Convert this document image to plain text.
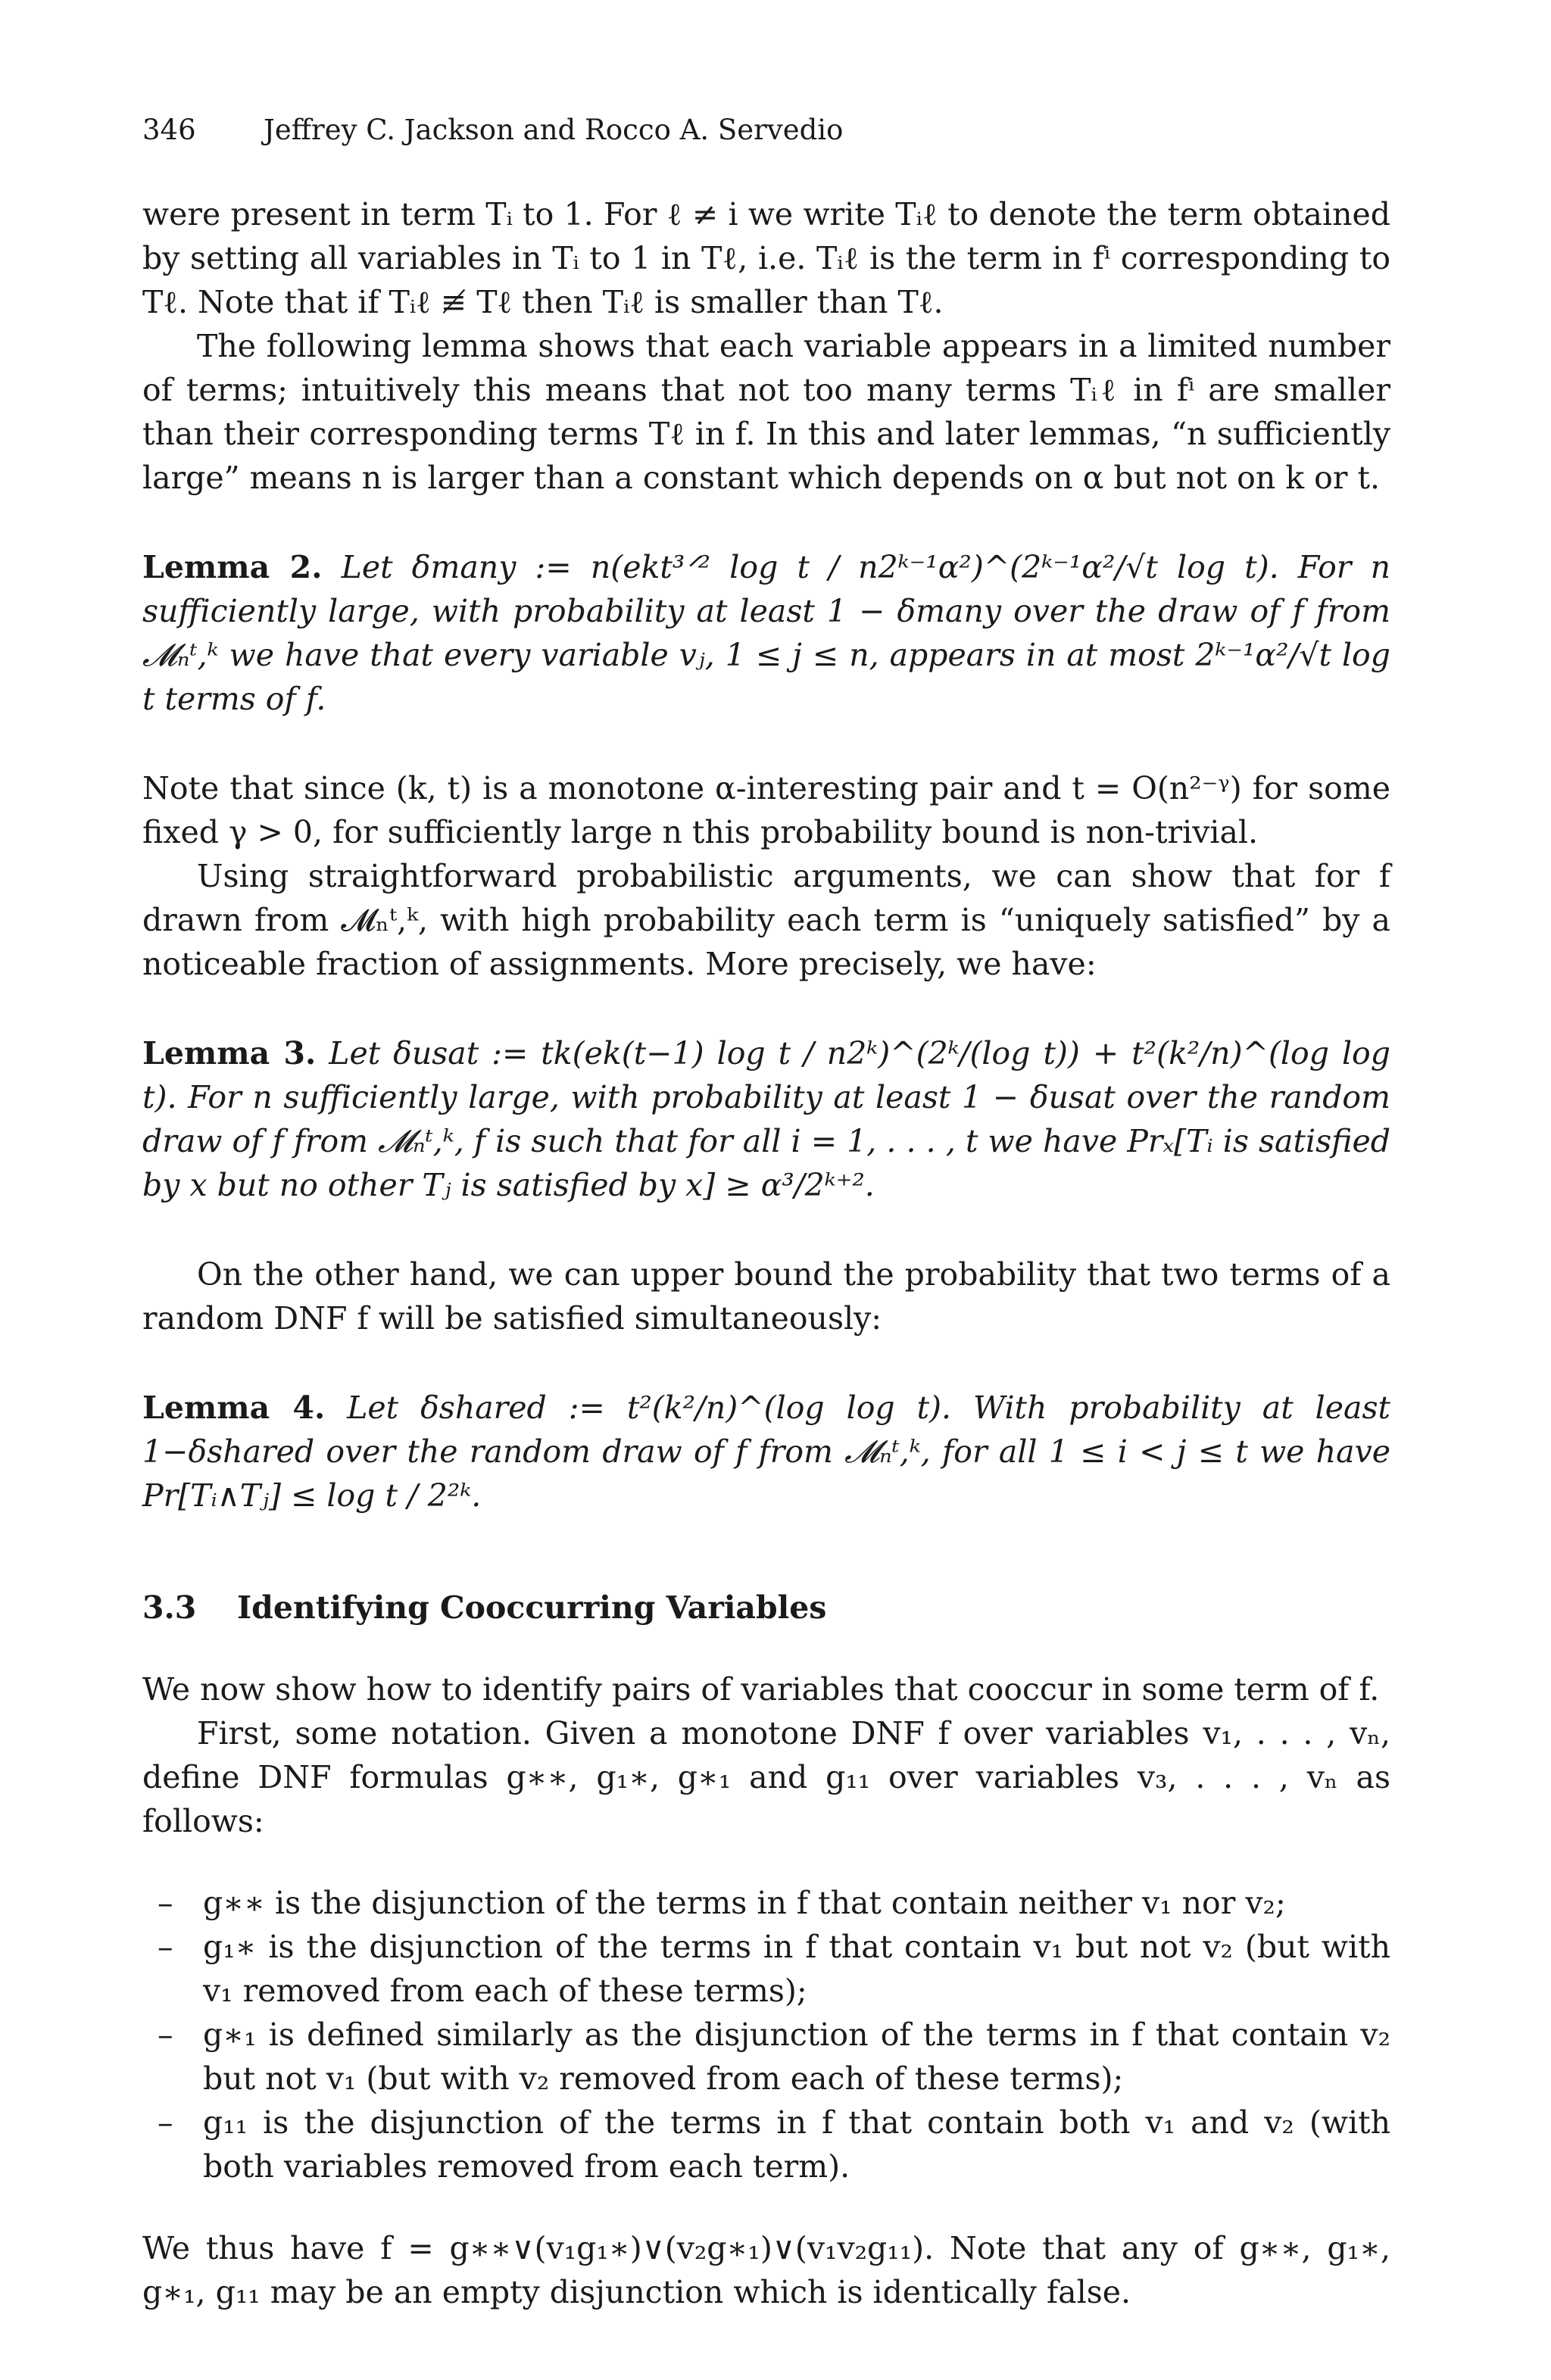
346 Jeffrey C. Jackson and Rocco A. Servedio

were present in term Tᵢ to 1. For ℓ ≠ i we write Tᵢℓ to denote the term obtained by setting all variables in Tᵢ to 1 in Tℓ, i.e. Tᵢℓ is the term in fⁱ corresponding to Tℓ. Note that if Tᵢℓ ≢ Tℓ then Tᵢℓ is smaller than Tℓ.

The following lemma shows that each variable appears in a limited number of terms; intuitively this means that not too many terms Tᵢℓ in fⁱ are smaller than their corresponding terms Tℓ in f. In this and later lemmas, “n sufficiently large” means n is larger than a constant which depends on α but not on k or t.

Lemma 2. Let δmany := n(ekt³ᐟ² log t / n2ᵏ⁻¹α²)^(2ᵏ⁻¹α²/√t log t). For n sufficiently large, with probability at least 1 − δmany over the draw of f from 𝓜ₙᵗ,ᵏ we have that every variable vⱼ, 1 ≤ j ≤ n, appears in at most 2ᵏ⁻¹α²/√t log t terms of f.

Note that since (k, t) is a monotone α-interesting pair and t = O(n²⁻ᵞ) for some fixed γ > 0, for sufficiently large n this probability bound is non-trivial.

Using straightforward probabilistic arguments, we can show that for f drawn from 𝓜ₙᵗ,ᵏ, with high probability each term is “uniquely satisfied” by a noticeable fraction of assignments. More precisely, we have:

Lemma 3. Let δusat := tk(ek(t−1) log t / n2ᵏ)^(2ᵏ/(log t)) + t²(k²/n)^(log log t). For n sufficiently large, with probability at least 1 − δusat over the random draw of f from 𝓜ₙᵗ,ᵏ, f is such that for all i = 1, . . . , t we have Prₓ[Tᵢ is satisfied by x but no other Tⱼ is satisfied by x] ≥ α³/2ᵏ⁺².

On the other hand, we can upper bound the probability that two terms of a random DNF f will be satisfied simultaneously:

Lemma 4. Let δshared := t²(k²/n)^(log log t). With probability at least 1−δshared over the random draw of f from 𝓜ₙᵗ,ᵏ, for all 1 ≤ i < j ≤ t we have Pr[Tᵢ∧Tⱼ] ≤ log t / 2²ᵏ.
3.3 Identifying Cooccurring Variables

We now show how to identify pairs of variables that cooccur in some term of f.

First, some notation. Given a monotone DNF f over variables v₁, . . . , vₙ, define DNF formulas g∗∗, g₁∗, g∗₁ and g₁₁ over variables v₃, . . . , vₙ as follows:

– g∗∗ is the disjunction of the terms in f that contain neither v₁ nor v₂;
– g₁∗ is the disjunction of the terms in f that contain v₁ but not v₂ (but with v₁ removed from each of these terms);
– g∗₁ is defined similarly as the disjunction of the terms in f that contain v₂ but not v₁ (but with v₂ removed from each of these terms);
– g₁₁ is the disjunction of the terms in f that contain both v₁ and v₂ (with both variables removed from each term).

We thus have f = g∗∗∨(v₁g₁∗)∨(v₂g∗₁)∨(v₁v₂g₁₁). Note that any of g∗∗, g₁∗, g∗₁, g₁₁ may be an empty disjunction which is identically false.
